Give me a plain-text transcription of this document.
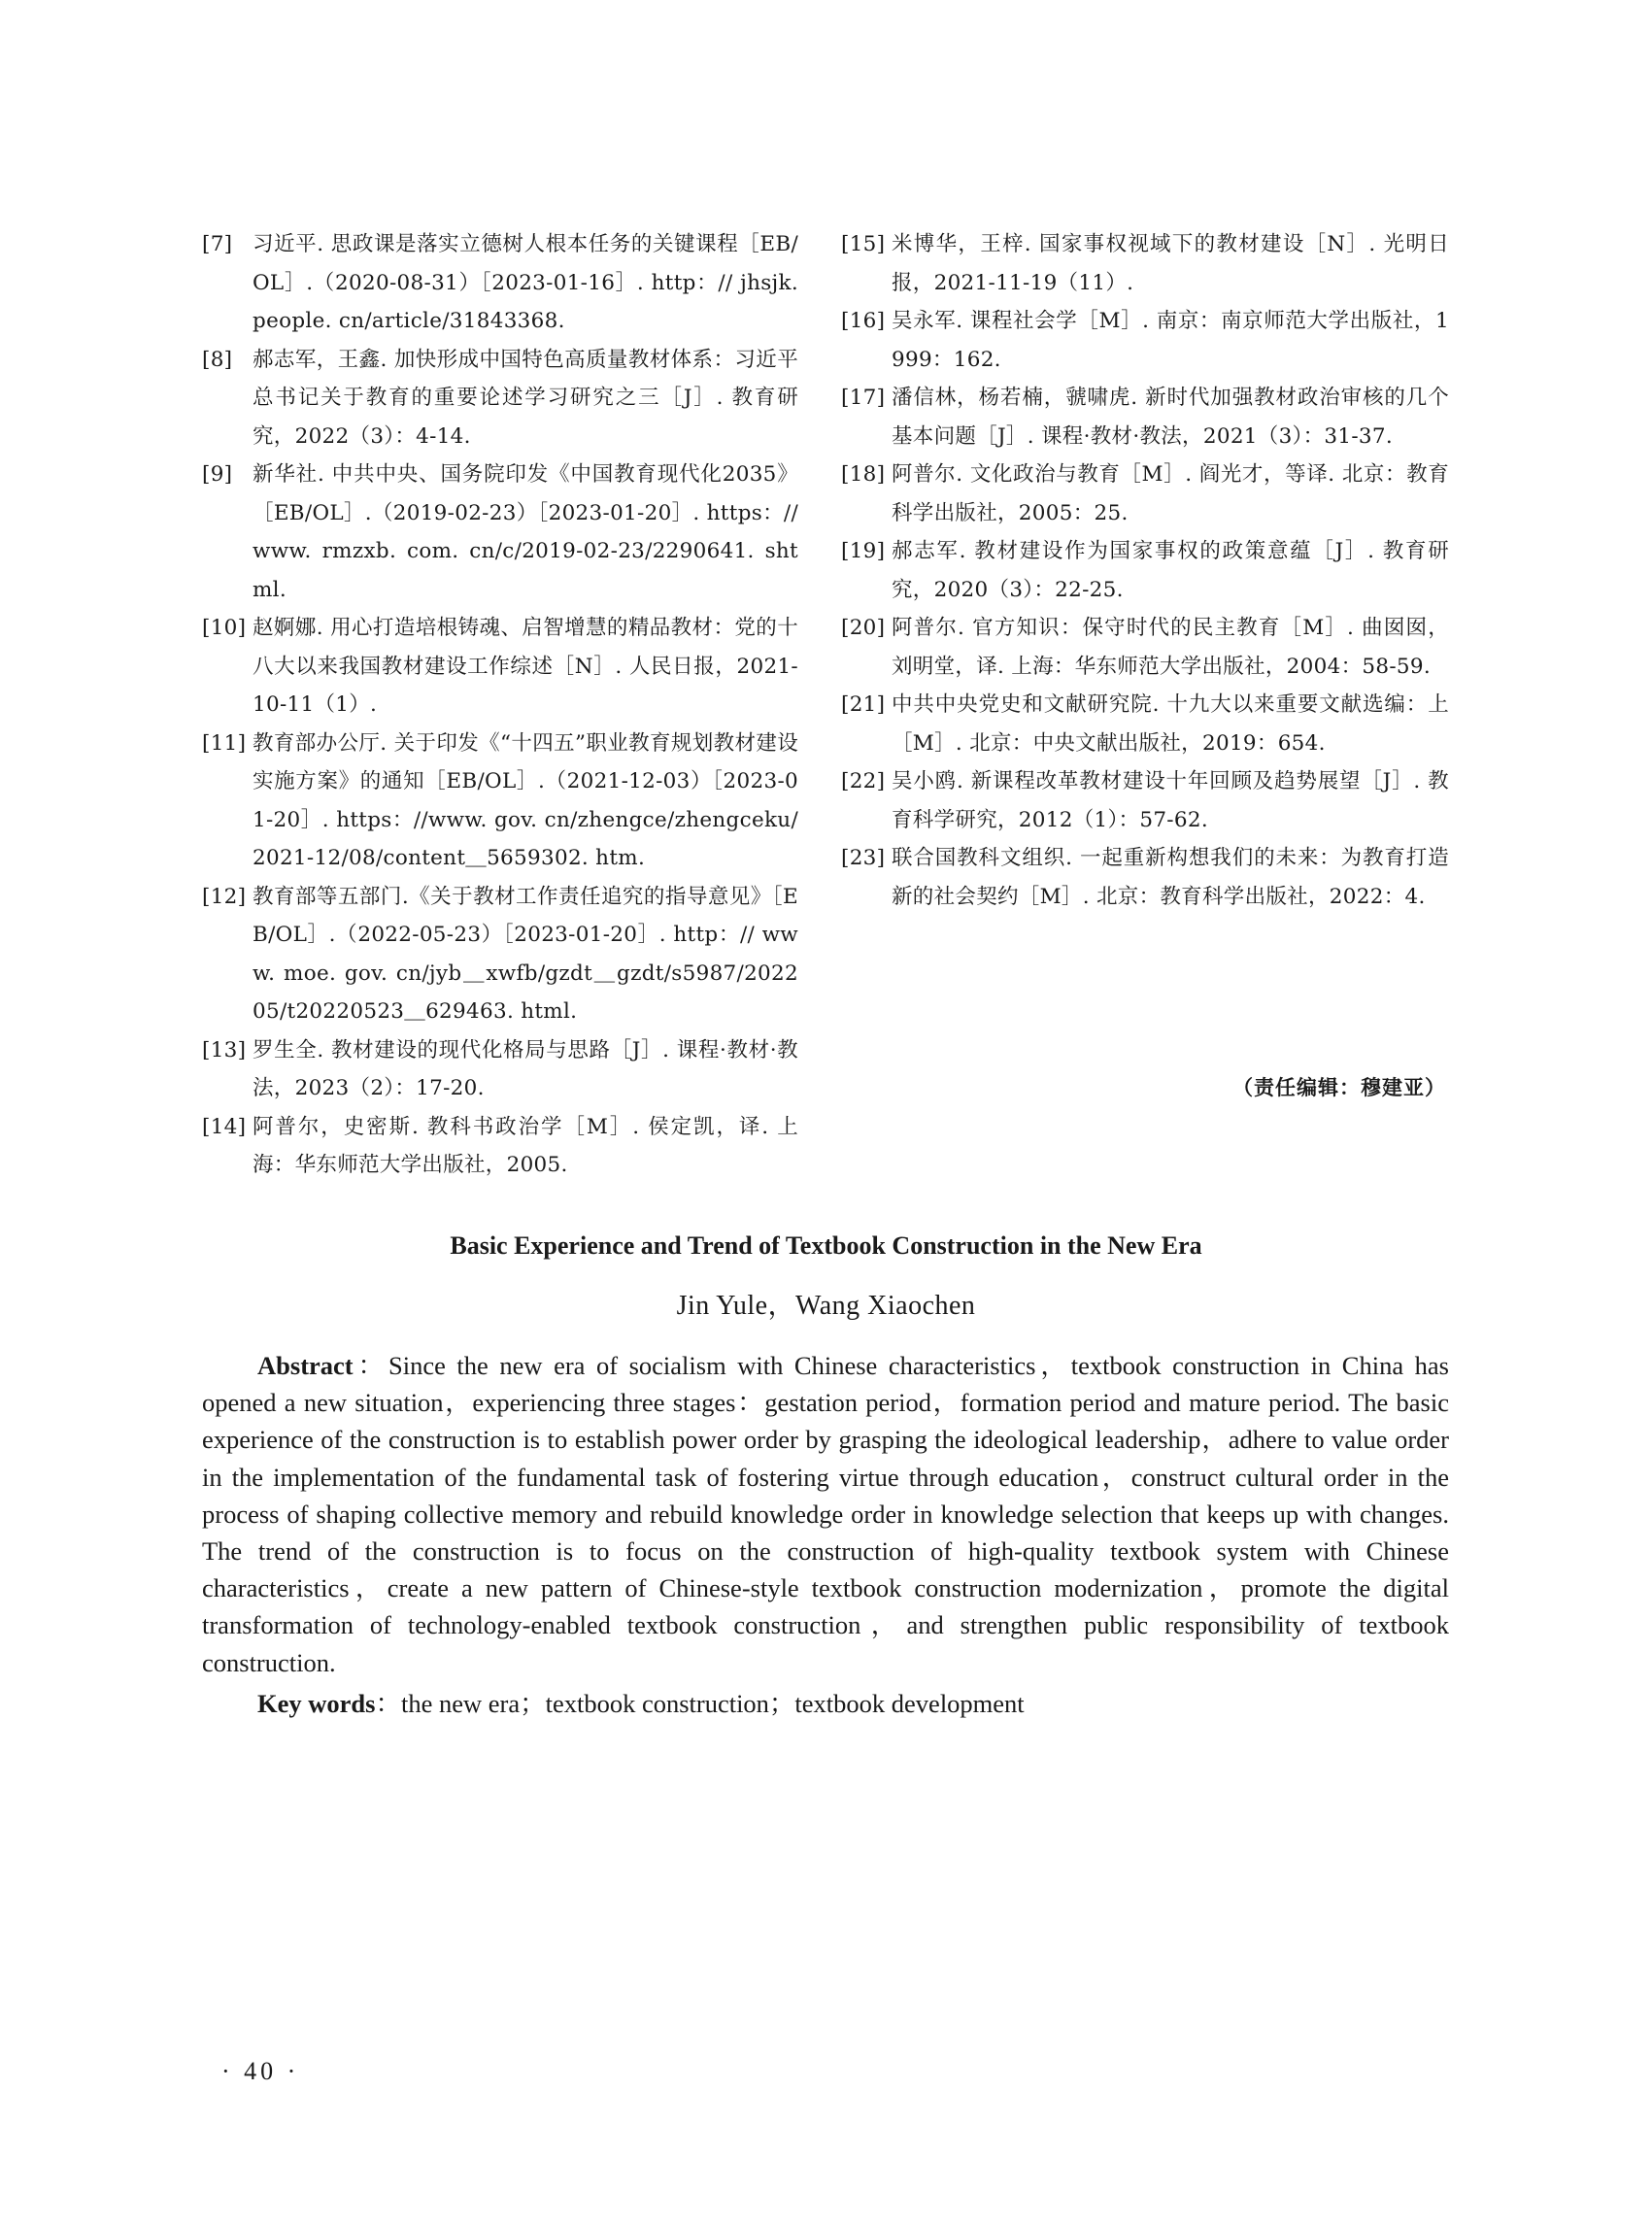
[7] 习近平. 思政课是落实立德树人根本任务的关键课程［EB/OL］.（2020-08-31）［2023-01-16］. http：// jhsjk. people. cn/article/31843368.
[8] 郝志军，王鑫. 加快形成中国特色高质量教材体系：习近平总书记关于教育的重要论述学习研究之三［J］. 教育研究，2022（3）：4-14.
[9] 新华社. 中共中央、国务院印发《中国教育现代化2035》［EB/OL］.（2019-02-23）［2023-01-20］. https：// www. rmzxb. com. cn/c/2019-02-23/2290641. shtml.
[10] 赵婀娜. 用心打造培根铸魂、启智增慧的精品教材：党的十八大以来我国教材建设工作综述［N］. 人民日报，2021-10-11（1）.
[11] 教育部办公厅. 关于印发《“十四五”职业教育规划教材建设实施方案》的通知［EB/OL］.（2021-12-03）［2023-01-20］. https：//www. gov. cn/zhengce/zhengceku/2021-12/08/content＿5659302. htm.
[12] 教育部等五部门.《关于教材工作责任追究的指导意见》［EB/OL］.（2022-05-23）［2023-01-20］. http：// www. moe. gov. cn/jyb＿xwfb/gzdt＿gzdt/s5987/202205/t20220523＿629463. html.
[13] 罗生全. 教材建设的现代化格局与思路［J］. 课程·教材·教法，2023（2）：17-20.
[14] 阿普尔，史密斯. 教科书政治学［M］. 侯定凯，译. 上海：华东师范大学出版社，2005.
[15] 米博华，王梓. 国家事权视域下的教材建设［N］. 光明日报，2021-11-19（11）.
[16] 吴永军. 课程社会学［M］. 南京：南京师范大学出版社，1999：162.
[17] 潘信林，杨若楠，虢啸虎. 新时代加强教材政治审核的几个基本问题［J］. 课程·教材·教法，2021（3）：31-37.
[18] 阿普尔. 文化政治与教育［M］. 阎光才，等译. 北京：教育科学出版社，2005：25.
[19] 郝志军. 教材建设作为国家事权的政策意蕴［J］. 教育研究，2020（3）：22-25.
[20] 阿普尔. 官方知识：保守时代的民主教育［M］. 曲囡囡，刘明堂，译. 上海：华东师范大学出版社，2004：58-59.
[21] 中共中央党史和文献研究院. 十九大以来重要文献选编：上［M］. 北京：中央文献出版社，2019：654.
[22] 吴小鸥. 新课程改革教材建设十年回顾及趋势展望［J］. 教育科学研究，2012（1）：57-62.
[23] 联合国教科文组织. 一起重新构想我们的未来：为教育打造新的社会契约［M］. 北京：教育科学出版社，2022：4.
（责任编辑：穆建亚）
Basic Experience and Trend of Textbook Construction in the New Era
Jin Yule，Wang Xiaochen

Abstract：Since the new era of socialism with Chinese characteristics，textbook construction in China has opened a new situation，experiencing three stages：gestation period，formation period and mature period. The basic experience of the construction is to establish power order by grasping the ideological leadership，adhere to value order in the implementation of the fundamental task of fostering virtue through education，construct cultural order in the process of shaping collective memory and rebuild knowledge order in knowledge selection that keeps up with changes. The trend of the construction is to focus on the construction of high-quality textbook system with Chinese characteristics，create a new pattern of Chinese-style textbook construction modernization，promote the digital transformation of technology-enabled textbook construction，and strengthen public responsibility of textbook construction.

Key words：the new era；textbook construction；textbook development
· 40 ·
